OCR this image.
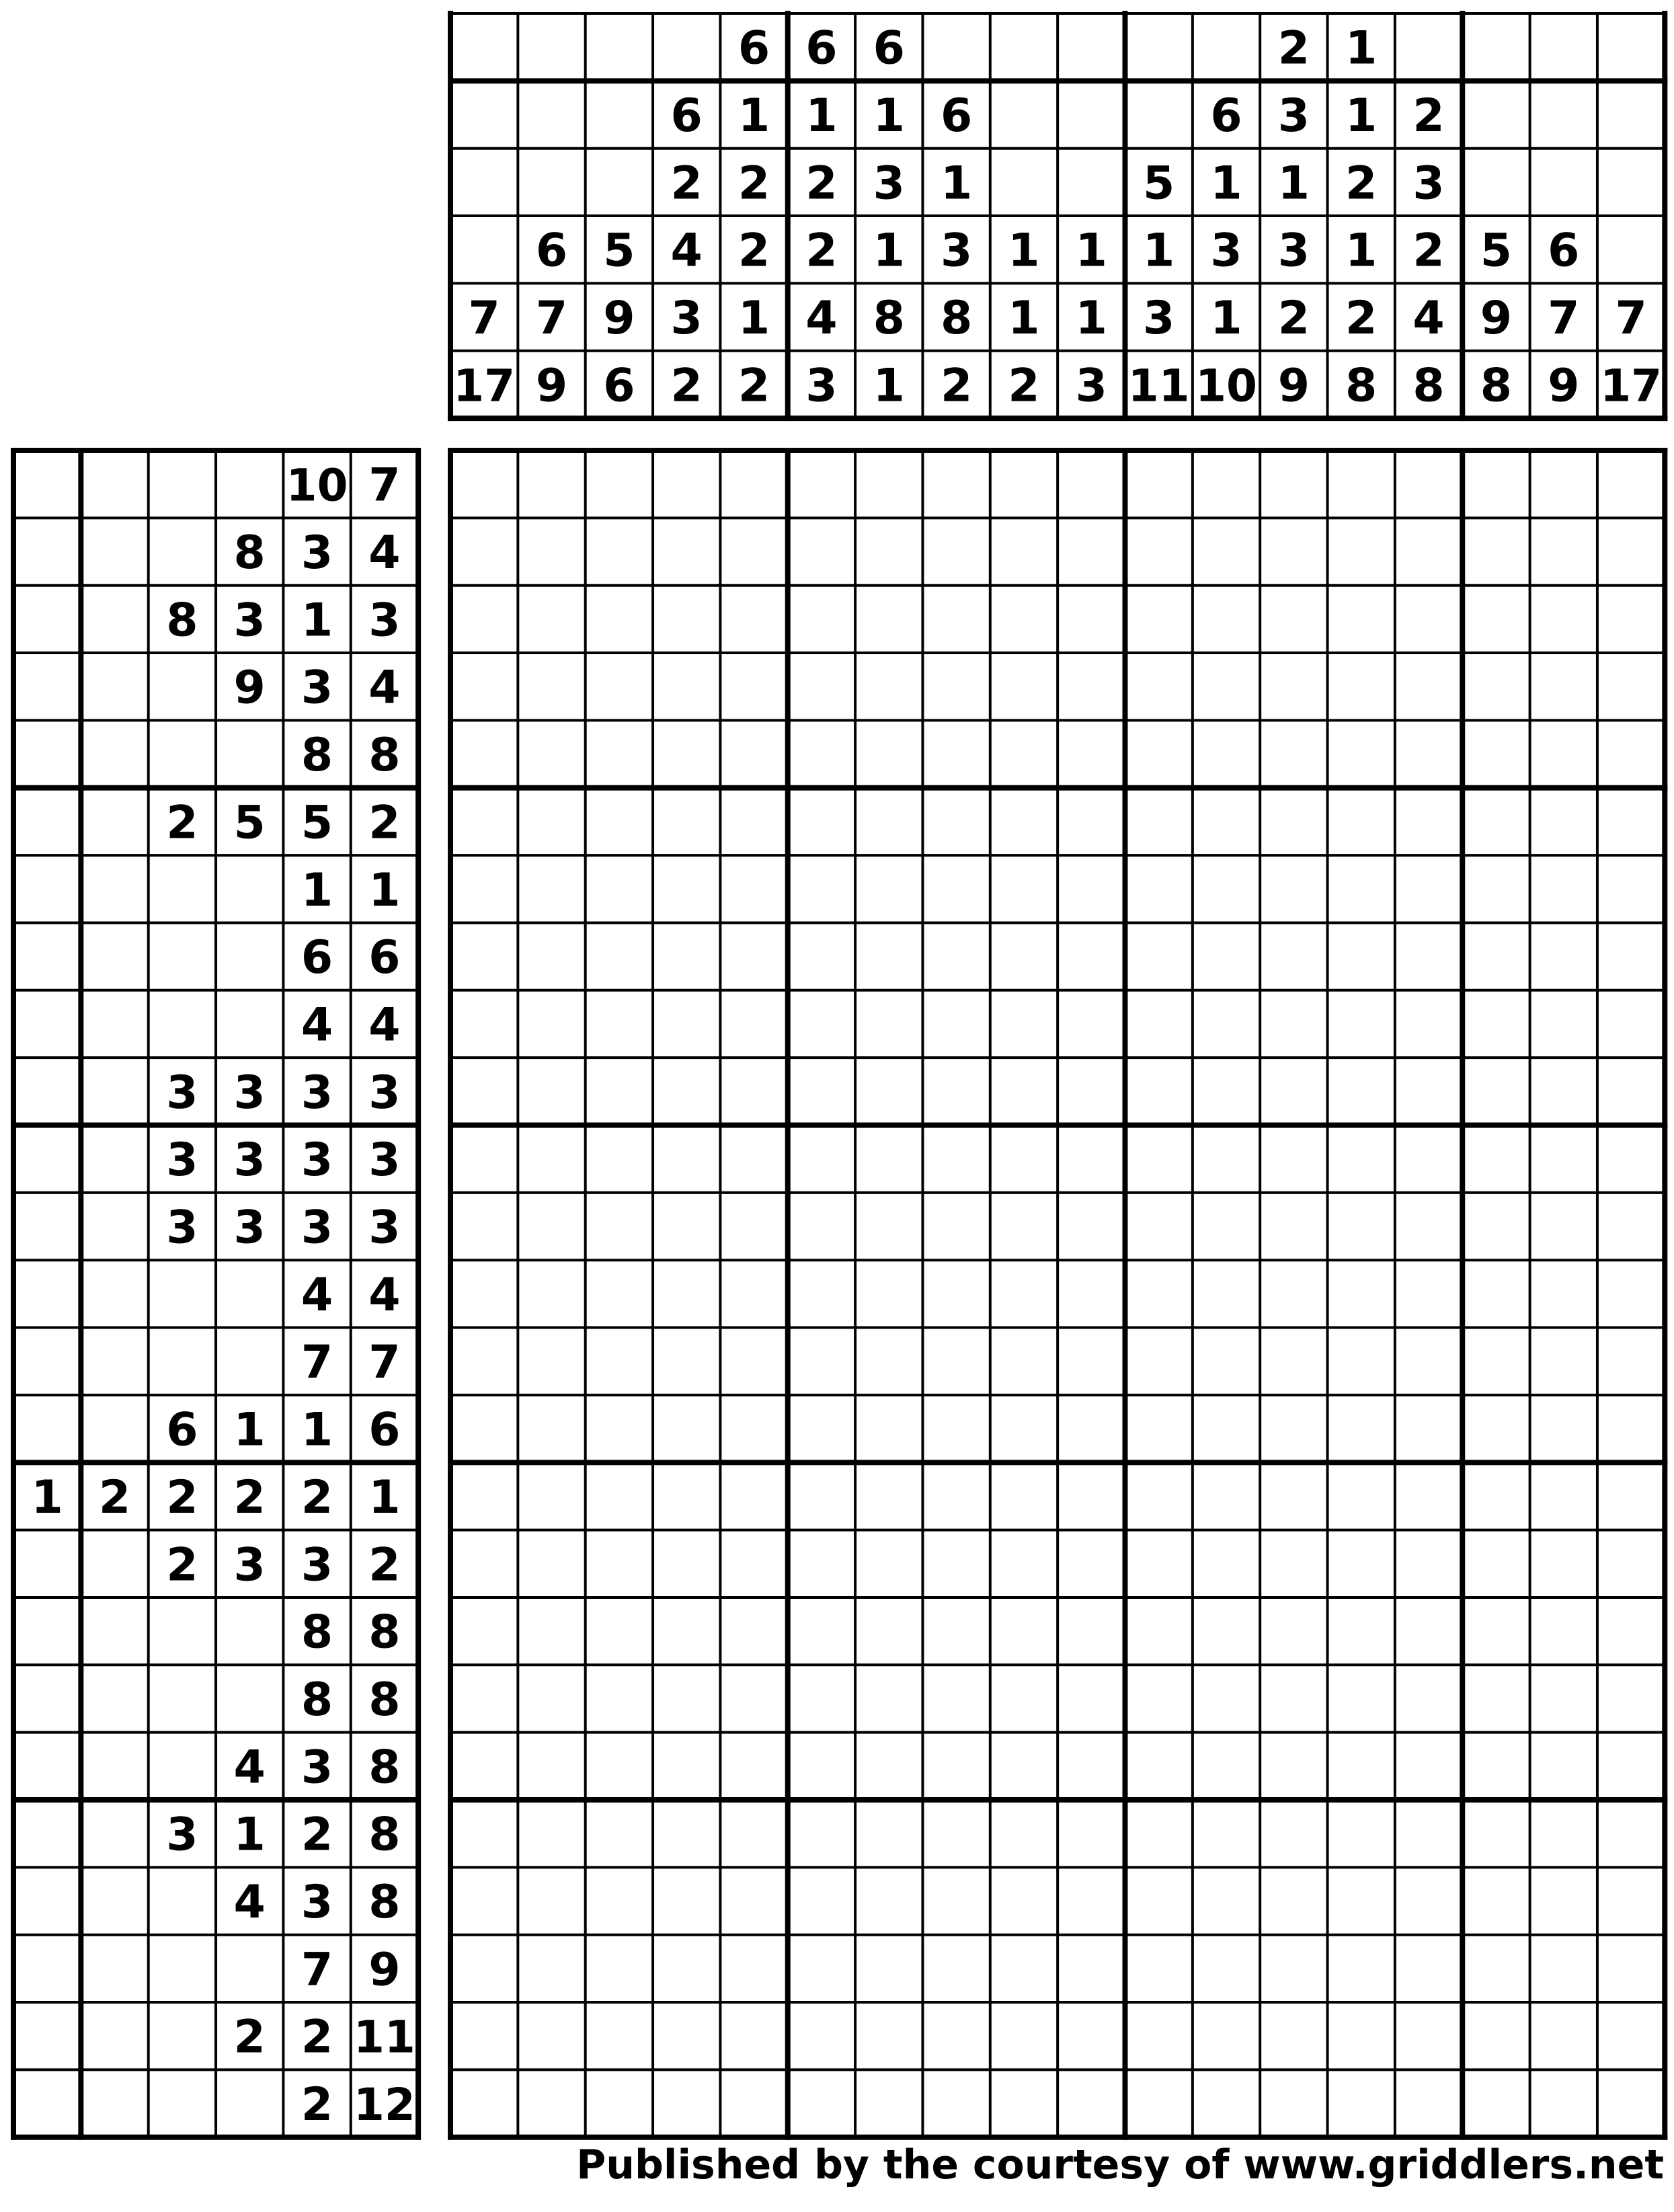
7
17
6
7
9
5
9
6
6
2
4
3
2
6
1
2
2
1
2
6
1
2
2
4
3
6
1
3
1
8
1
6
1
3
8
2
1
1
2
1
1
3
5
1
3
11
6
1
3
1
10
2
3
1
3
2
9
1
1
2
1
2
8
2
3
2
4
8
5
9
8
6
7
9
7
17
10 7
8 3 4
8 3 1 3
9 3 4
8 8
2 5 5 2
1 1
6 6
4 4
3 3 3 3
3 3 3 3
3 3 3 3
4 4
7 7
6 1 1 6
1 2 2 2 2 1
2 3 3 2
8 8
8 8
4 3 8
3 1 2 8
4 3 8
7 9
2 2 11
2 12
Published by the courtesy of www.griddlers.net
